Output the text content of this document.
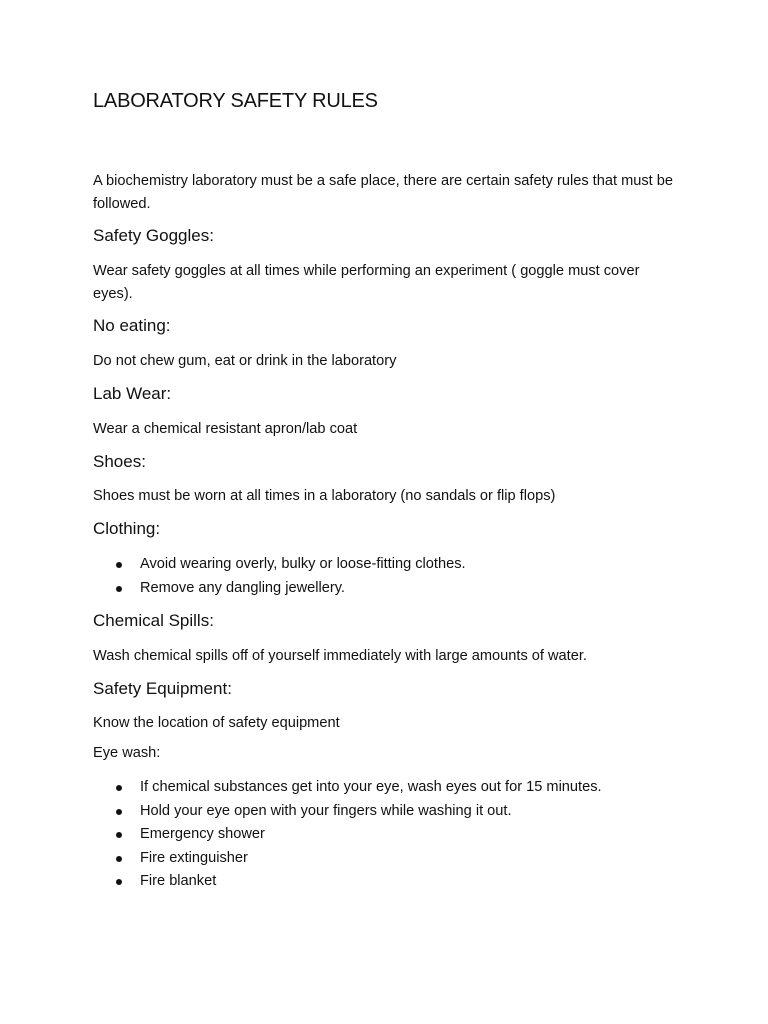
LABORATORY SAFETY RULES

A biochemistry laboratory must be a safe place, there are certain safety rules that must be followed.

Safety Goggles:

Wear safety goggles at all times while performing an experiment ( goggle must cover eyes).

No eating:

Do not chew gum, eat or drink in the laboratory

Lab Wear:

Wear a chemical resistant apron/lab coat

Shoes:

Shoes must be worn at all times in a laboratory (no sandals or flip flops)

Clothing:
Avoid wearing overly, bulky or loose-fitting clothes.
Remove any dangling jewellery.
Chemical Spills:

Wash chemical spills off of yourself immediately with large amounts of water.

Safety Equipment:

Know the location of safety equipment

Eye wash:
If chemical substances get into your eye, wash eyes out for 15 minutes.
Hold your eye open with your fingers while washing it out.
Emergency shower
Fire extinguisher
Fire blanket
